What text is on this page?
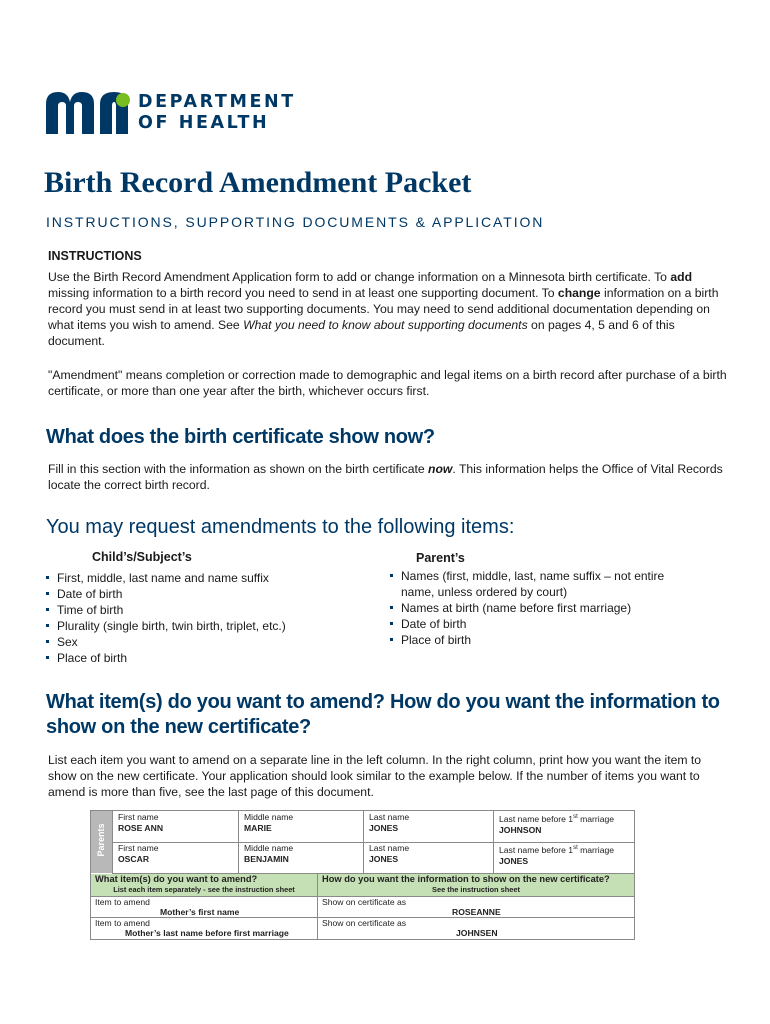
DEPARTMENT
OF HEALTH
Birth Record Amendment Packet
INSTRUCTIONS, SUPPORTING DOCUMENTS & APPLICATION
INSTRUCTIONS
Use the Birth Record Amendment Application form to add or change information on a Minnesota birth certificate. To add missing information to a birth record you need to send in at least one supporting document. To change information on a birth record you must send in at least two supporting documents. You may need to send additional documentation depending on what items you wish to amend. See What you need to know about supporting documents on pages 4, 5 and 6 of this document.
"Amendment" means completion or correction made to demographic and legal items on a birth record after purchase of a birth certificate, or more than one year after the birth, whichever occurs first.
What does the birth certificate show now?
Fill in this section with the information as shown on the birth certificate now. This information helps the Office of Vital Records locate the correct birth record.
You may request amendments to the following items:
Child’s/Subject’s	Parent’s
First, middle, last name and name suffix
Date of birth
Time of birth
Plurality (single birth, twin birth, triplet, etc.)
Sex
Place of birth
Names (first, middle, last, name suffix – not entire name, unless ordered by court)
Names at birth (name before first marriage)
Date of birth
Place of birth
What item(s) do you want to amend? How do you want the information to show on the new certificate?
List each item you want to amend on a separate line in the left column. In the right column, print how you want the item to show on the new certificate. Your application should look similar to the example below. If the number of items you want to amend is more than five, see the last page of this document.
Parents
First name
ROSE ANN
Middle name
MARIE
Last name
JONES
Last name before 1st marriage
JOHNSON
First name
OSCAR
Middle name
BENJAMIN
Last name
JONES
Last name before 1st marriage
JONES
What item(s) do you want to amend?
List each item separately - see the instruction sheet
How do you want the information to show on the new certificate?
See the instruction sheet
Item to amend
Mother’s first name
Show on certificate as
ROSEANNE
Item to amend
Mother’s last name before first marriage
Show on certificate as
JOHNSEN
